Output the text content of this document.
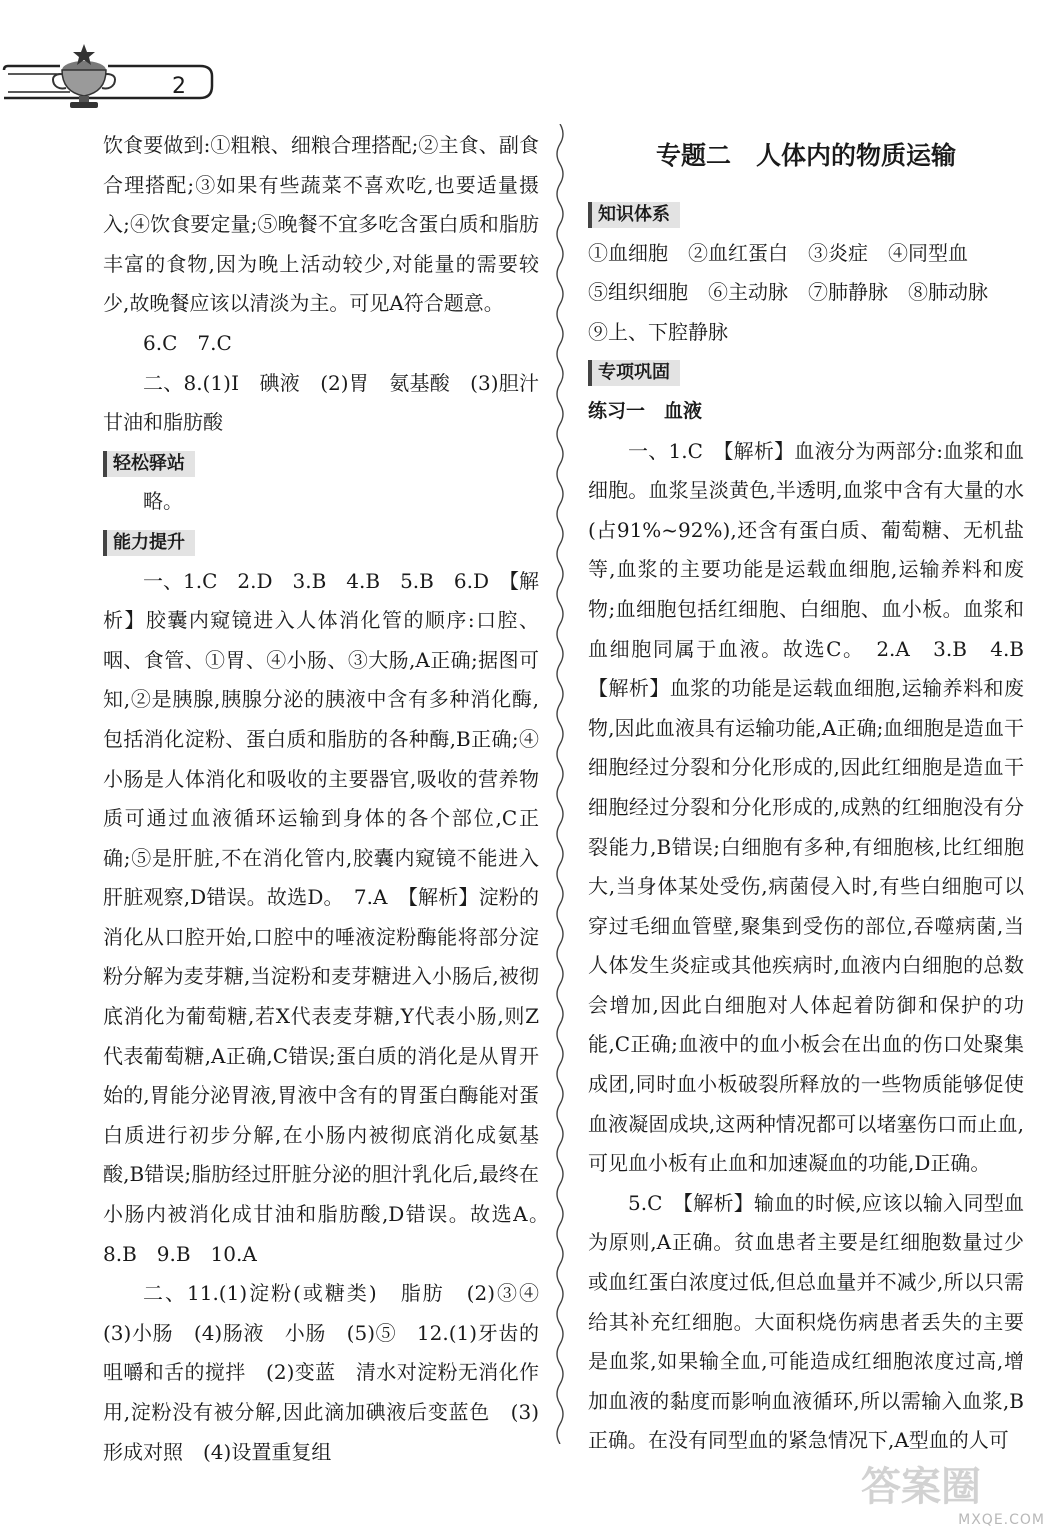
2

饮食要做到:①粗粮、细粮合理搭配;②主食、副食合理搭配;③如果有些蔬菜不喜欢吃,也要适量摄入;④饮食要定量;⑤晚餐不宜多吃含蛋白质和脂肪丰富的食物,因为晚上活动较少,对能量的需要较少,故晚餐应该以清淡为主。可见A符合题意。

6.C　7.C

二、8.(1)Ⅰ　碘液　(2)胃　氨基酸　(3)胆汁　甘油和脂肪酸

轻松驿站

略。

能力提升

一、1.C　2.D　3.B　4.B　5.B　6.D　【解析】胶囊内窥镜进入人体消化管的顺序:口腔、咽、食管、①胃、④小肠、③大肠,A正确;据图可知,②是胰腺,胰腺分泌的胰液中含有多种消化酶,包括消化淀粉、蛋白质和脂肪的各种酶,B正确;④小肠是人体消化和吸收的主要器官,吸收的营养物质可通过血液循环运输到身体的各个部位,C正确;⑤是肝脏,不在消化管内,胶囊内窥镜不能进入肝脏观察,D错误。故选D。　7.A　【解析】淀粉的消化从口腔开始,口腔中的唾液淀粉酶能将部分淀粉分解为麦芽糖,当淀粉和麦芽糖进入小肠后,被彻底消化为葡萄糖,若X代表麦芽糖,Y代表小肠,则Z代表葡萄糖,A正确,C错误;蛋白质的消化是从胃开始的,胃能分泌胃液,胃液中含有的胃蛋白酶能对蛋白质进行初步分解,在小肠内被彻底消化成氨基酸,B错误;脂肪经过肝脏分泌的胆汁乳化后,最终在小肠内被消化成甘油和脂肪酸,D错误。故选A。　8.B　9.B　10.A

二、11.(1)淀粉(或糖类)　脂肪　(2)③④　(3)小肠　(4)肠液　小肠　(5)⑤　12.(1)牙齿的咀嚼和舌的搅拌　(2)变蓝　清水对淀粉无消化作用,淀粉没有被分解,因此滴加碘液后变蓝色　(3)形成对照　(4)设置重复组

专题二　人体内的物质运输
知识体系

①血细胞　②血红蛋白　③炎症　④同型血

⑤组织细胞　⑥主动脉　⑦肺静脉　⑧肺动脉

⑨上、下腔静脉

专项巩固

练习一　血液

一、1.C　【解析】血液分为两部分:血浆和血细胞。血浆呈淡黄色,半透明,血浆中含有大量的水(占91%~92%),还含有蛋白质、葡萄糖、无机盐等,血浆的主要功能是运载血细胞,运输养料和废物;血细胞包括红细胞、白细胞、血小板。血浆和血细胞同属于血液。故选C。　2.A　3.B　4.B　【解析】血浆的功能是运载血细胞,运输养料和废物,因此血液具有运输功能,A正确;血细胞是造血干细胞经过分裂和分化形成的,因此红细胞是造血干细胞经过分裂和分化形成的,成熟的红细胞没有分裂能力,B错误;白细胞有多种,有细胞核,比红细胞大,当身体某处受伤,病菌侵入时,有些白细胞可以穿过毛细血管壁,聚集到受伤的部位,吞噬病菌,当人体发生炎症或其他疾病时,血液内白细胞的总数会增加,因此白细胞对人体起着防御和保护的功能,C正确;血液中的血小板会在出血的伤口处聚集成团,同时血小板破裂所释放的一些物质能够促使血液凝固成块,这两种情况都可以堵塞伤口而止血,可见血小板有止血和加速凝血的功能,D正确。

5.C　【解析】输血的时候,应该以输入同型血为原则,A正确。贫血患者主要是红细胞数量过少或血红蛋白浓度过低,但总血量并不减少,所以只需给其补充红细胞。大面积烧伤病患者丢失的主要是血浆,如果输全血,可能造成红细胞浓度过高,增加血液的黏度而影响血液循环,所以需输入血浆,B正确。在没有同型血的紧急情况下,A型血的人可

答案圈
MXQE.COM
